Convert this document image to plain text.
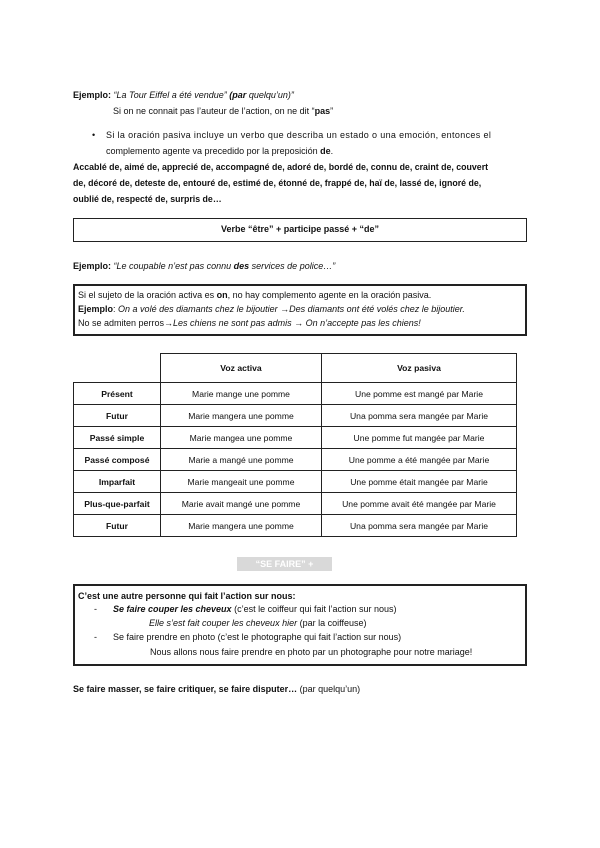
Ejemplo: “La Tour Eiffel a été vendue” (par quelqu’un)”
Si on ne connait pas l’auteur de l’action, on ne dit “pas”
• Si la oración pasiva incluye un verbo que describa un estado o una emoción, entonces el
complemento agente va precedido por la preposición de.
Accablé de, aimé de, apprecié de, accompagné de, adoré de, bordé de, connu de, craint de, couvert
de, décoré de, deteste de, entouré de, estimé de, étonné de, frappé de, haï de, lassé de, ignoré de,
oublié de, respecté de, surpris de…
Verbe “être” + participe passé + “de”
Ejemplo: “Le coupable n’est pas connu des services de police…”
Si el sujeto de la oración activa es on, no hay complemento agente en la oración pasiva.
Ejemplo: On a volé des diamants chez le bijoutier →Des diamants ont été volés chez le bijoutier.
No se admiten perros→Les chiens ne sont pas admis → On n’accepte pas les chiens!
	Voz activa	Voz pasiva
Présent	Marie mange une pomme	Une pomme est mangé par Marie
Futur	Marie mangera une pomme	Una pomma sera mangée par Marie
Passé simple	Marie mangea une pomme	Une pomme fut mangée par Marie
Passé composé	Marie a mangé une pomme	Une pomme a été mangée par Marie
Imparfait	Marie mangeait une pomme	Une pomme était mangée par Marie
Plus-que-parfait	Marie avait mangé une pomme	Une pomme avait été mangée par Marie
Futur	Marie mangera une pomme	Una pomma sera mangée par Marie
“SE FAIRE” + INFINITIF
C’est une autre personne qui fait l’action sur nous:
- Se faire couper les cheveux (c’est le coiffeur qui fait l’action sur nous)
Elle s’est fait couper les cheveux hier (par la coiffeuse)
- Se faire prendre en photo (c’est le photographe qui fait l’action sur nous)
Nous allons nous faire prendre en photo par un photographe pour notre mariage!
Se faire masser, se faire critiquer, se faire disputer… (par quelqu’un)
